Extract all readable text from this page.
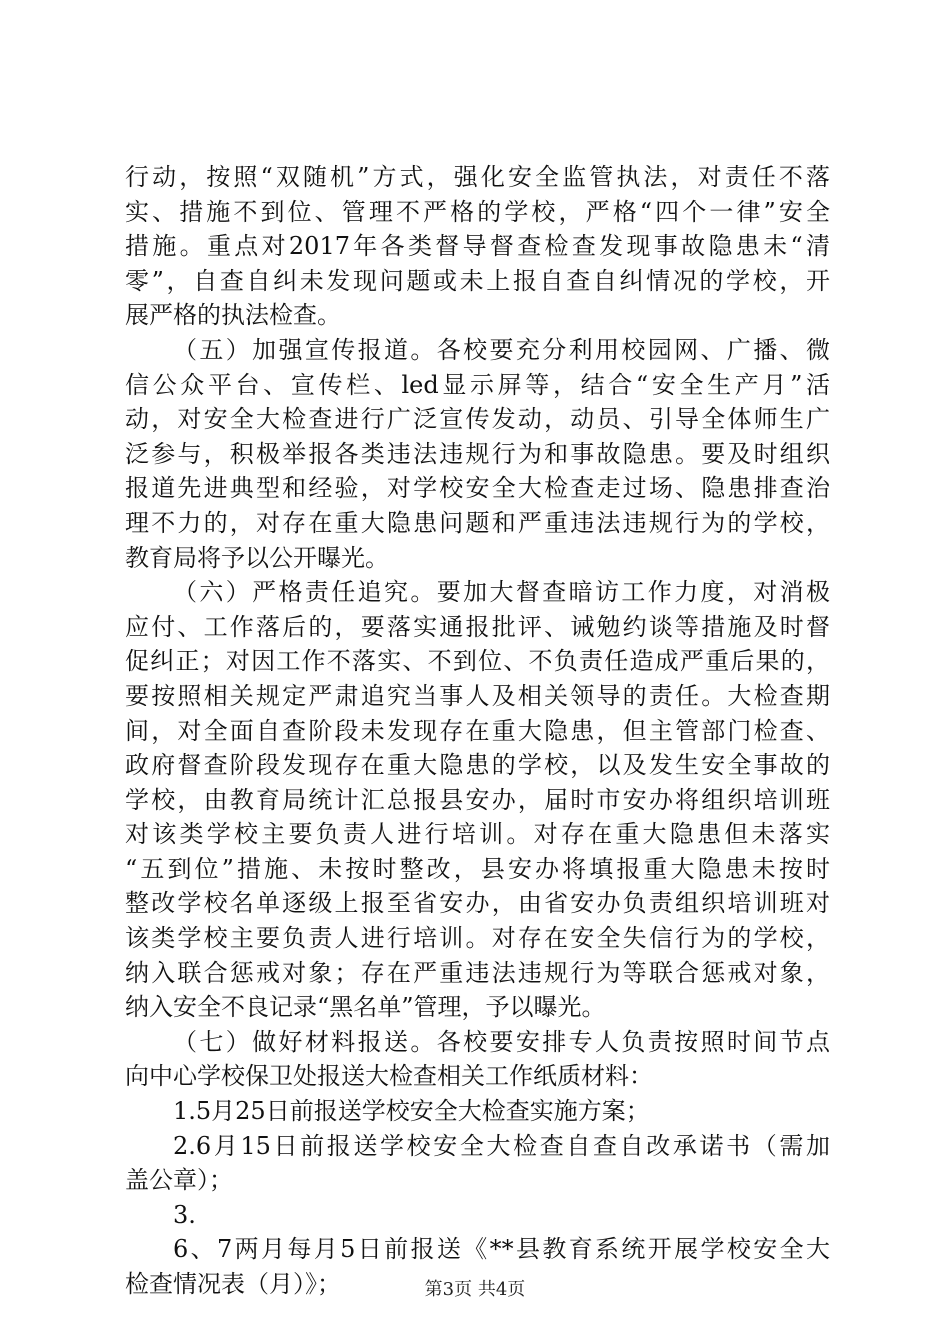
行动，按照“双随机”方式，强化安全监管执法，对责任不落
实、措施不到位、管理不严格的学校，严格“四个一律”安全
措施。重点对2017年各类督导督查检查发现事故隐患未“清
零”，自查自纠未发现问题或未上报自查自纠情况的学校，开
展严格的执法检查。
（五）加强宣传报道。各校要充分利用校园网、广播、微
信公众平台、宣传栏、led显示屏等，结合“安全生产月”活
动，对安全大检查进行广泛宣传发动，动员、引导全体师生广
泛参与，积极举报各类违法违规行为和事故隐患。要及时组织
报道先进典型和经验，对学校安全大检查走过场、隐患排查治
理不力的，对存在重大隐患问题和严重违法违规行为的学校，
教育局将予以公开曝光。
（六）严格责任追究。要加大督查暗访工作力度，对消极
应付、工作落后的，要落实通报批评、诫勉约谈等措施及时督
促纠正；对因工作不落实、不到位、不负责任造成严重后果的，
要按照相关规定严肃追究当事人及相关领导的责任。大检查期
间，对全面自查阶段未发现存在重大隐患，但主管部门检查、
政府督查阶段发现存在重大隐患的学校，以及发生安全事故的
学校，由教育局统计汇总报县安办，届时市安办将组织培训班
对该类学校主要负责人进行培训。对存在重大隐患但未落实
“五到位”措施、未按时整改，县安办将填报重大隐患未按时
整改学校名单逐级上报至省安办，由省安办负责组织培训班对
该类学校主要负责人进行培训。对存在安全失信行为的学校，
纳入联合惩戒对象；存在严重违法违规行为等联合惩戒对象，
纳入安全不良记录“黑名单”管理，予以曝光。
（七）做好材料报送。各校要安排专人负责按照时间节点
向中心学校保卫处报送大检查相关工作纸质材料：
1.5月25日前报送学校安全大检查实施方案；
2.6月15日前报送学校安全大检查自查自改承诺书（需加
盖公章）；
3.
6、7两月每月5日前报送《**县教育系统开展学校安全大
检查情况表（月）》；	第3页 共4页
